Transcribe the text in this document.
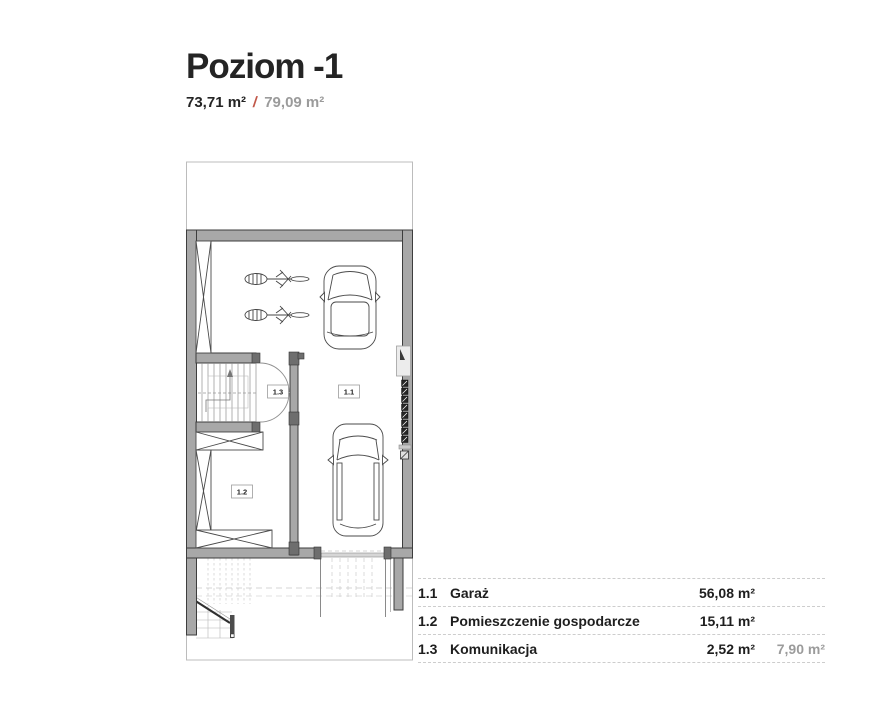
Poziom -1
73,71 m² / 79,09 m²
1.3	1.1
1.2
1.1 Garaż	56,08 m²
1.2 Pomieszczenie gospodarcze	15,11 m²
1.3 Komunikacja	2,52 m²	7,90 m²
